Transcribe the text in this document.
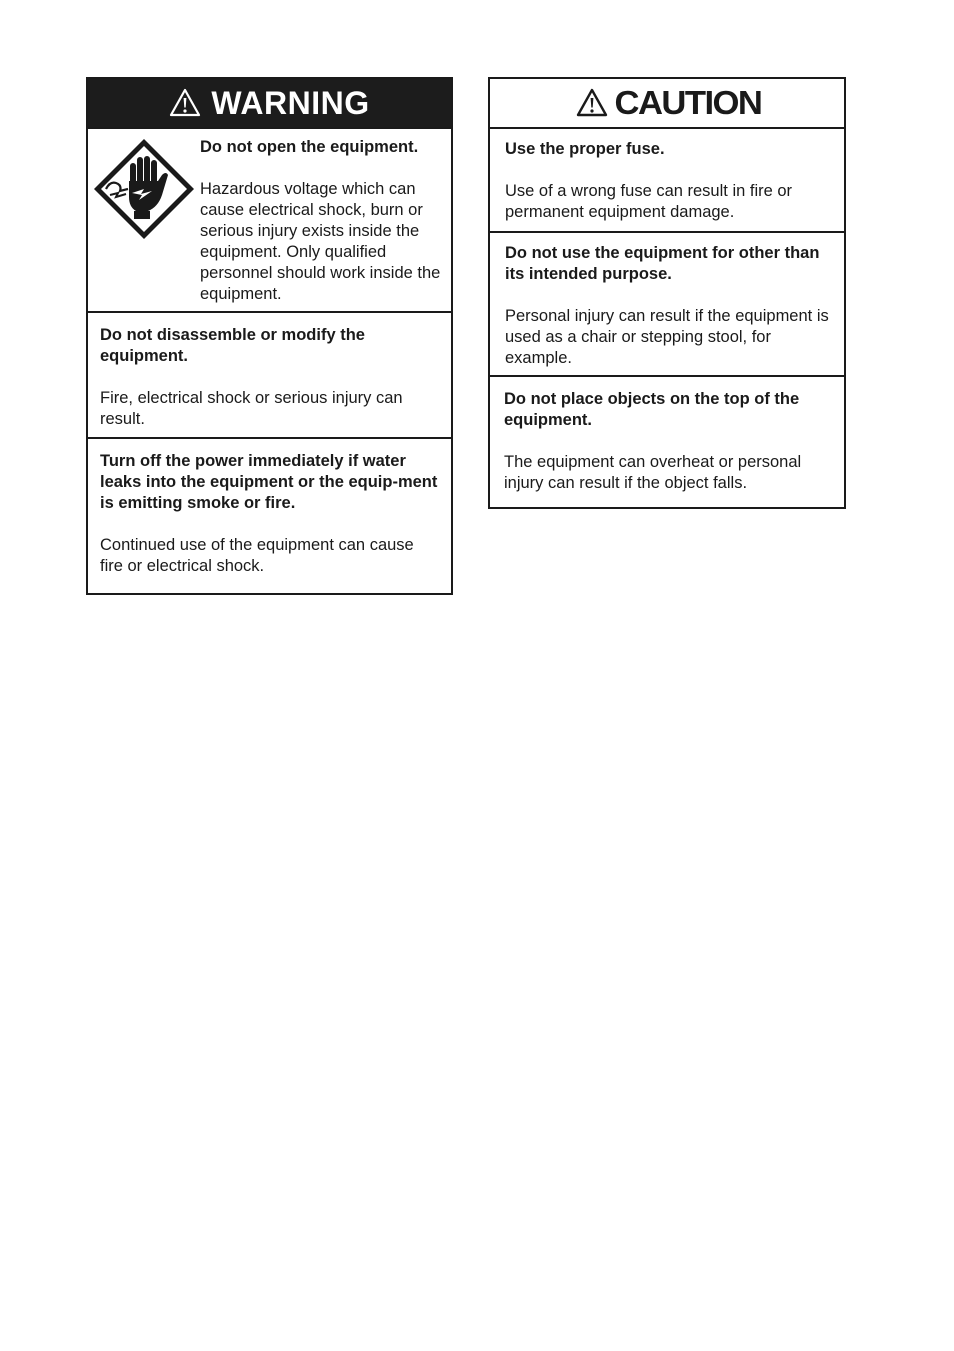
WARNING

Do not open the equipment.

Hazardous voltage which can cause electrical shock, burn or serious injury exists inside the equipment. Only qualified personnel should work inside the equipment.

Do not disassemble or modify the equipment.

Fire, electrical shock or serious injury can result.

Turn off the power immediately if water leaks into the equipment or the equip-ment is emitting smoke or fire.

Continued use of the equipment can cause fire or electrical shock.

CAUTION

Use the proper fuse.

Use of a wrong fuse can result in fire or permanent equipment damage.

Do not use the equipment for other than its intended purpose.

Personal injury can result if the equipment is used as a chair or stepping stool, for example.

Do not place objects on the top of the equipment.

The equipment can overheat or personal injury can result if the object falls.
